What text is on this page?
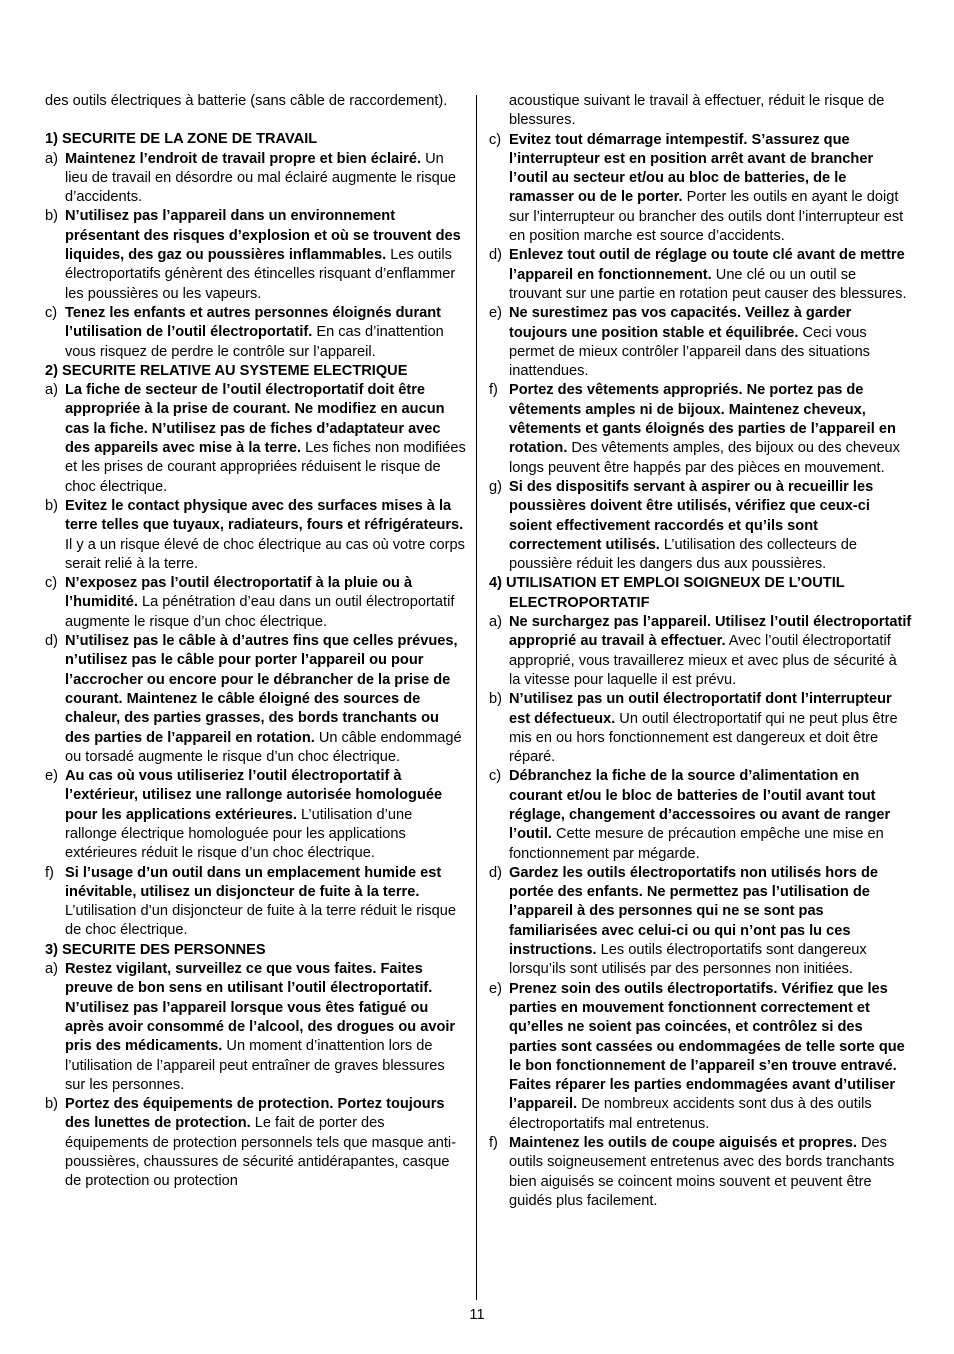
des outils électriques à batterie (sans câble de raccordement).

1) SECURITE DE LA ZONE DE TRAVAIL

a) Maintenez l’endroit de travail propre et bien éclairé. Un lieu de travail en désordre ou mal éclairé augmente le risque d’accidents.
b) N’utilisez pas l’appareil dans un environnement présentant des risques d’explosion et où se trouvent des liquides, des gaz ou poussières inflammables. Les outils électroportatifs génèrent des étincelles risquant d’enflammer les poussières ou les vapeurs.
c) Tenez les enfants et autres personnes éloignés durant l’utilisation de l’outil électroportatif. En cas d’inattention vous risquez de perdre le contrôle sur l’appareil.

2) SECURITE RELATIVE AU SYSTEME ELECTRIQUE

a) La fiche de secteur de l’outil électroportatif doit être appropriée à la prise de courant. Ne modifiez en aucun cas la fiche. N’utilisez pas de fiches d’adaptateur avec des appareils avec mise à la terre. Les fiches non modifiées et les prises de courant appropriées réduisent le risque de choc électrique.
b) Evitez le contact physique avec des surfaces mises à la terre telles que tuyaux, radiateurs, fours et réfrigérateurs. Il y a un risque élevé de choc électrique au cas où votre corps serait relié à la terre.
c) N’exposez pas l’outil électroportatif à la pluie ou à l’humidité. La pénétration d’eau dans un outil électroportatif augmente le risque d’un choc électrique.
d) N’utilisez pas le câble à d’autres fins que celles prévues, n’utilisez pas le câble pour porter l’appareil ou pour l’accrocher ou encore pour le débrancher de la prise de courant. Maintenez le câble éloigné des sources de chaleur, des parties grasses, des bords tranchants ou des parties de l’appareil en rotation. Un câble endommagé ou torsadé augmente le risque d’un choc électrique.
e) Au cas où vous utiliseriez l’outil électroportatif à l’extérieur, utilisez une rallonge autorisée homologuée pour les applications extérieures. L’utilisation d’une rallonge électrique homologuée pour les applications extérieures réduit le risque d’un choc électrique.
f) Si l’usage d’un outil dans un emplacement humide est inévitable, utilisez un disjoncteur de fuite à la terre. L’utilisation d’un disjoncteur de fuite à la terre réduit le risque de choc électrique.

3) SECURITE DES PERSONNES

a) Restez vigilant, surveillez ce que vous faites. Faites preuve de bon sens en utilisant l’outil électroportatif. N’utilisez pas l’appareil lorsque vous êtes fatigué ou après avoir consommé de l’alcool, des drogues ou avoir pris des médicaments. Un moment d’inattention lors de l’utilisation de l’appareil peut entraîner de graves blessures sur les personnes.
b) Portez des équipements de protection. Portez toujours des lunettes de protection. Le fait de porter des équipements de protection personnels tels que masque anti-poussières, chaussures de sécurité antidérapantes, casque de protection ou protection

acoustique suivant le travail à effectuer, réduit le risque de blessures.

c) Evitez tout démarrage intempestif. S’assurez que l’interrupteur est en position arrêt avant de brancher l’outil au secteur et/ou au bloc de batteries, de le ramasser ou de le porter. Porter les outils en ayant le doigt sur l’interrupteur ou brancher des outils dont l’interrupteur est en position marche est source d’accidents.
d) Enlevez tout outil de réglage ou toute clé avant de mettre l’appareil en fonctionnement. Une clé ou un outil se trouvant sur une partie en rotation peut causer des blessures.
e) Ne surestimez pas vos capacités. Veillez à garder toujours une position stable et équilibrée. Ceci vous permet de mieux contrôler l’appareil dans des situations inattendues.
f) Portez des vêtements appropriés. Ne portez pas de vêtements amples ni de bijoux. Maintenez cheveux, vêtements et gants éloignés des parties de l’appareil en rotation. Des vêtements amples, des bijoux ou des cheveux longs peuvent être happés par des pièces en mouvement.
g) Si des dispositifs servant à aspirer ou à recueillir les poussières doivent être utilisés, vérifiez que ceux-ci soient effectivement raccordés et qu’ils sont correctement utilisés. L’utilisation des collecteurs de poussière réduit les dangers dus aux poussières.

4) UTILISATION ET EMPLOI SOIGNEUX DE L’OUTIL
ELECTROPORTATIF

a) Ne surchargez pas l’appareil. Utilisez l’outil électroportatif approprié au travail à effectuer. Avec l’outil électroportatif approprié, vous travaillerez mieux et avec plus de sécurité à la vitesse pour laquelle il est prévu.
b) N’utilisez pas un outil électroportatif dont l’interrupteur est défectueux. Un outil électroportatif qui ne peut plus être mis en ou hors fonctionnement est dangereux et doit être réparé.
c) Débranchez la fiche de la source d’alimentation en courant et/ou le bloc de batteries de l’outil avant tout réglage, changement d’accessoires ou avant de ranger l’outil. Cette mesure de précaution empêche une mise en fonctionnement par mégarde.
d) Gardez les outils électroportatifs non utilisés hors de portée des enfants. Ne permettez pas l’utilisation de l’appareil à des personnes qui ne se sont pas familiarisées avec celui-ci ou qui n’ont pas lu ces instructions. Les outils électroportatifs sont dangereux lorsqu’ils sont utilisés par des personnes non initiées.
e) Prenez soin des outils électroportatifs. Vérifiez que les parties en mouvement fonctionnent correctement et qu’elles ne soient pas coincées, et contrôlez si des parties sont cassées ou endommagées de telle sorte que le bon fonctionnement de l’appareil s’en trouve entravé. Faites réparer les parties endommagées avant d’utiliser l’appareil. De nombreux accidents sont dus à des outils électroportatifs mal entretenus.
f) Maintenez les outils de coupe aiguisés et propres. Des outils soigneusement entretenus avec des bords tranchants bien aiguisés se coincent moins souvent et peuvent être guidés plus facilement.
11
